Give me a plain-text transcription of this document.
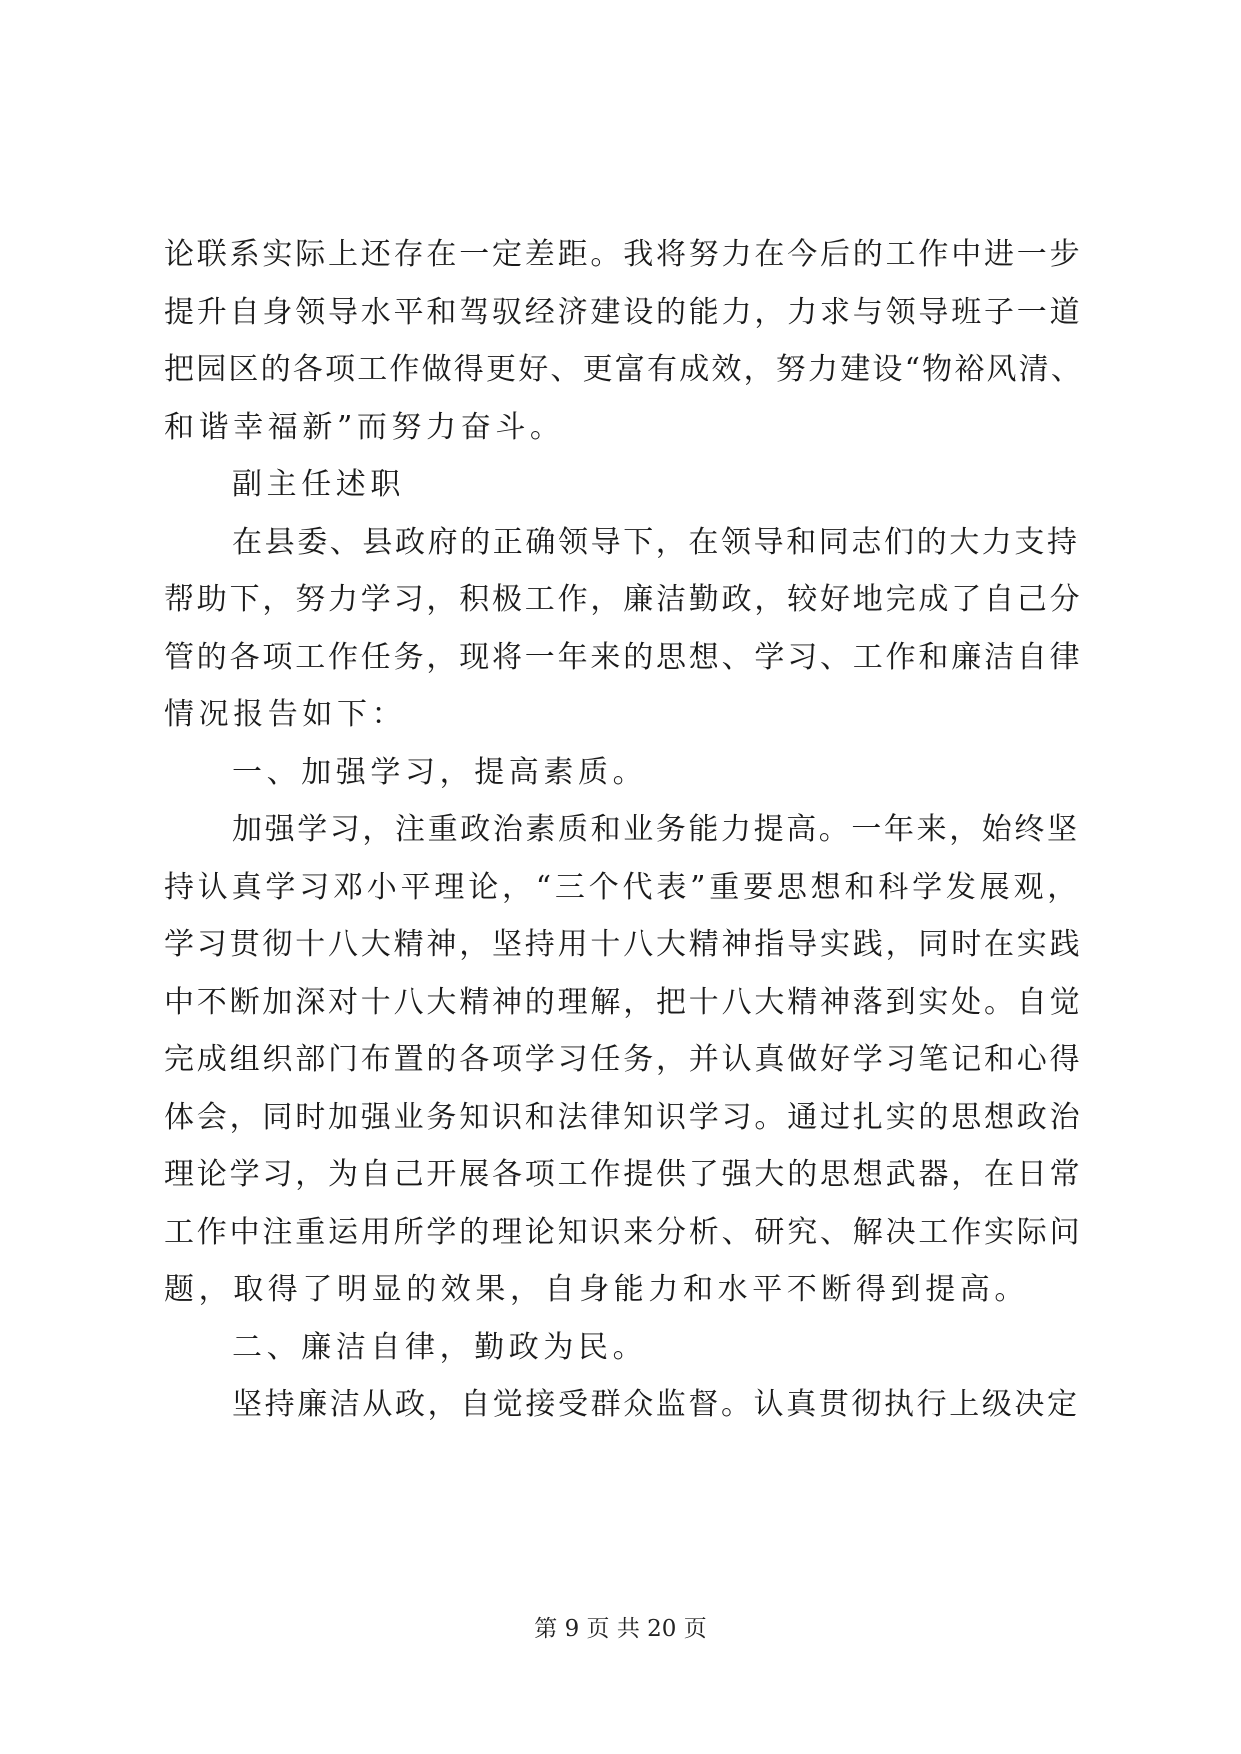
论联系实际上还存在一定差距。我将努力在今后的工作中进一步
提升自身领导水平和驾驭经济建设的能力，力求与领导班子一道
把园区的各项工作做得更好、更富有成效，努力建设“物裕风清、
和谐幸福新”而努力奋斗。
副主任述职
在县委、县政府的正确领导下，在领导和同志们的大力支持
帮助下，努力学习，积极工作，廉洁勤政，较好地完成了自己分
管的各项工作任务，现将一年来的思想、学习、工作和廉洁自律
情况报告如下：
一、加强学习，提高素质。
加强学习，注重政治素质和业务能力提高。一年来，始终坚
持认真学习邓小平理论，“三个代表”重要思想和科学发展观，
学习贯彻十八大精神，坚持用十八大精神指导实践，同时在实践
中不断加深对十八大精神的理解，把十八大精神落到实处。自觉
完成组织部门布置的各项学习任务，并认真做好学习笔记和心得
体会，同时加强业务知识和法律知识学习。通过扎实的思想政治
理论学习，为自己开展各项工作提供了强大的思想武器，在日常
工作中注重运用所学的理论知识来分析、研究、解决工作实际问
题，取得了明显的效果，自身能力和水平不断得到提高。
二、廉洁自律，勤政为民。
坚持廉洁从政，自觉接受群众监督。认真贯彻执行上级决定
第 9 页 共 20 页
